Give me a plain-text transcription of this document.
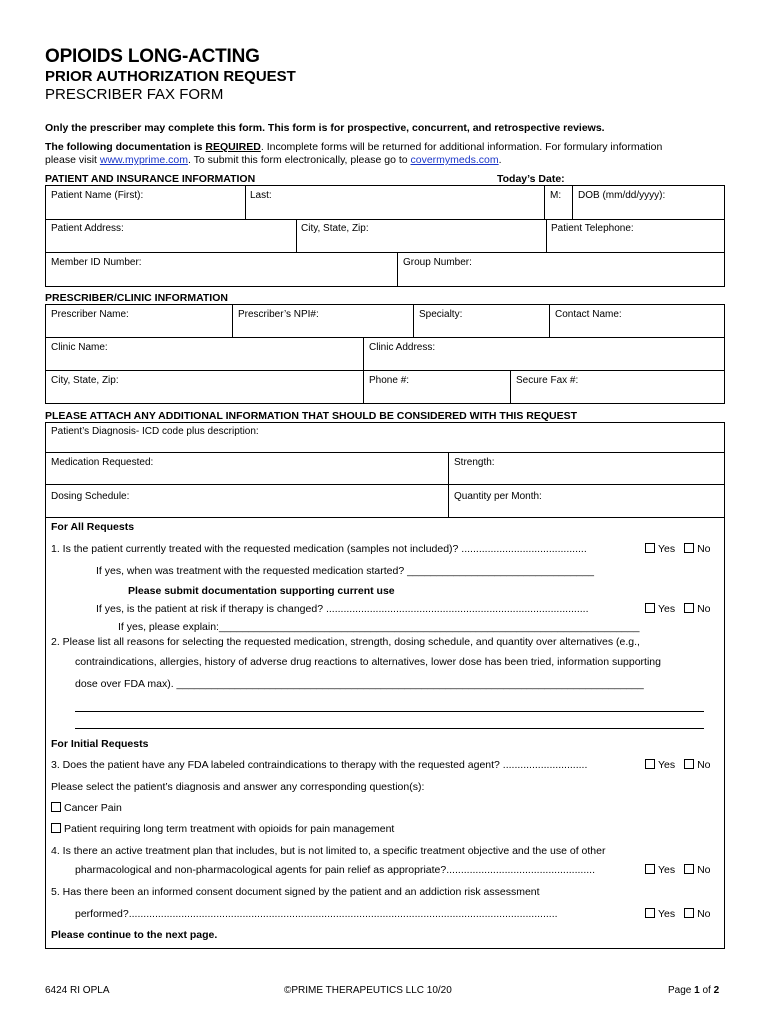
OPIOIDS LONG-ACTING
PRIOR AUTHORIZATION REQUEST
PRESCRIBER FAX FORM
Only the prescriber may complete this form. This form is for prospective, concurrent, and retrospective reviews.
The following documentation is REQUIRED. Incomplete forms will be returned for additional information. For formulary information
please visit www.myprime.com. To submit this form electronically, please go to covermymeds.com.
PATIENT AND INSURANCE INFORMATION	Today’s Date:
Patient Name (First):	Last:	M: DOB (mm/dd/yyyy):
Patient Address:	City, State, Zip:	Patient Telephone:
Member ID Number:	Group Number:
PRESCRIBER/CLINIC INFORMATION
Prescriber Name:	Prescriber’s NPI#:	Specialty:	Contact Name:
Clinic Name:	Clinic Address:
City, State, Zip:	Phone #:	Secure Fax #:
PLEASE ATTACH ANY ADDITIONAL INFORMATION THAT SHOULD BE CONSIDERED WITH THIS REQUEST
Patient’s Diagnosis- ICD code plus description:
Medication Requested:	Strength:
Dosing Schedule:	Quantity per Month:
For All Requests
1. Is the patient currently treated with the requested medication (samples not included)? ...........................................	Yes No
If yes, when was treatment with the requested medication started? ________________________________
Please submit documentation supporting current use
If yes, is the patient at risk if therapy is changed? ..........................................................................................	Yes No
If yes, please explain:________________________________________________________________________
2. Please list all reasons for selecting the requested medication, strength, dosing schedule, and quantity over alternatives (e.g.,
contraindications, allergies, history of adverse drug reactions to alternatives, lower dose has been tried, information supporting
dose over FDA max). ________________________________________________________________________________
For Initial Requests
3. Does the patient have any FDA labeled contraindications to therapy with the requested agent? .............................	Yes No
Please select the patient’s diagnosis and answer any corresponding question(s):
Cancer Pain
Patient requiring long term treatment with opioids for pain management
4. Is there an active treatment plan that includes, but is not limited to, a specific treatment objective and the use of other
pharmacological and non-pharmacological agents for pain relief as appropriate?...................................................	Yes No
5. Has there been an informed consent document signed by the patient and an addiction risk assessment
performed?...................................................................................................................................................	Yes No
Please continue to the next page.
6424 RI OPLA	©PRIME THERAPEUTICS LLC 10/20	Page 1 of 2
